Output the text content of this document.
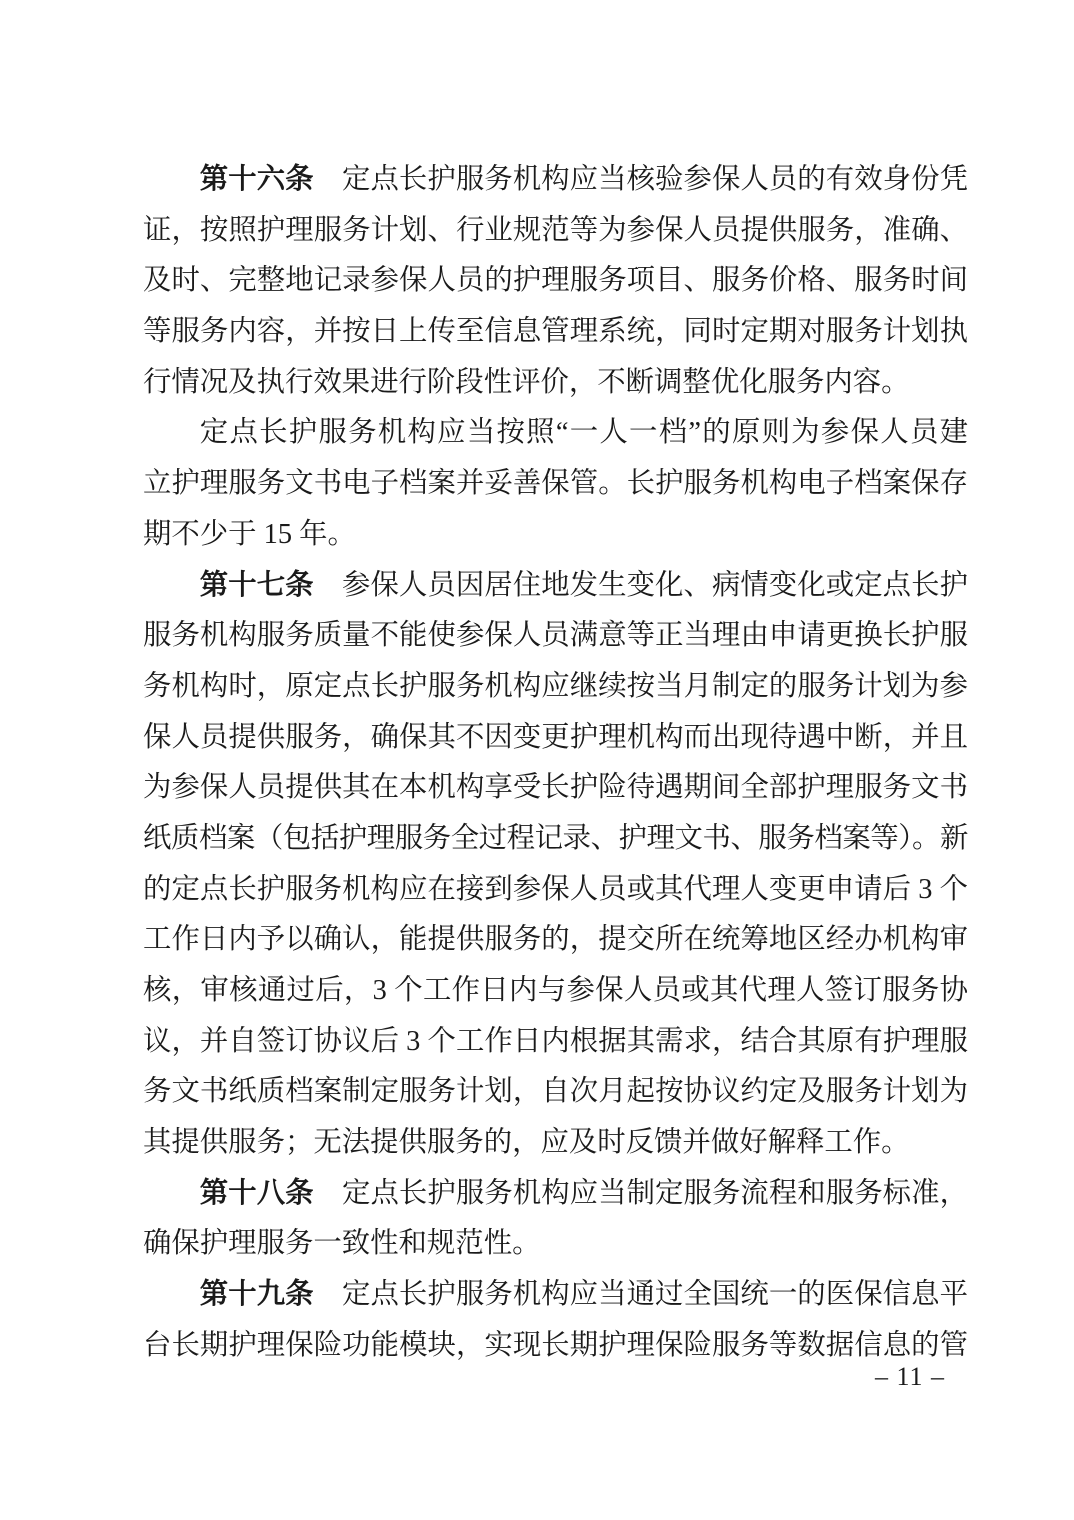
第十六条 定点长护服务机构应当核验参保人员的有效身份凭
证，按照护理服务计划、行业规范等为参保人员提供服务，准确、
及时、完整地记录参保人员的护理服务项目、服务价格、服务时间
等服务内容，并按日上传至信息管理系统，同时定期对服务计划执
行情况及执行效果进行阶段性评价，不断调整优化服务内容。
定点长护服务机构应当按照“一人一档”的原则为参保人员建
立护理服务文书电子档案并妥善保管。长护服务机构电子档案保存
期不少于 15 年。
第十七条 参保人员因居住地发生变化、病情变化或定点长护
服务机构服务质量不能使参保人员满意等正当理由申请更换长护服
务机构时，原定点长护服务机构应继续按当月制定的服务计划为参
保人员提供服务，确保其不因变更护理机构而出现待遇中断，并且
为参保人员提供其在本机构享受长护险待遇期间全部护理服务文书
纸质档案（包括护理服务全过程记录、护理文书、服务档案等）。新
的定点长护服务机构应在接到参保人员或其代理人变更申请后 3 个
工作日内予以确认，能提供服务的，提交所在统筹地区经办机构审
核，审核通过后，3 个工作日内与参保人员或其代理人签订服务协
议，并自签订协议后 3 个工作日内根据其需求，结合其原有护理服
务文书纸质档案制定服务计划，自次月起按协议约定及服务计划为
其提供服务；无法提供服务的，应及时反馈并做好解释工作。
第十八条 定点长护服务机构应当制定服务流程和服务标准，
确保护理服务一致性和规范性。
第十九条 定点长护服务机构应当通过全国统一的医保信息平
台长期护理保险功能模块，实现长期护理保险服务等数据信息的管
– 11 –
